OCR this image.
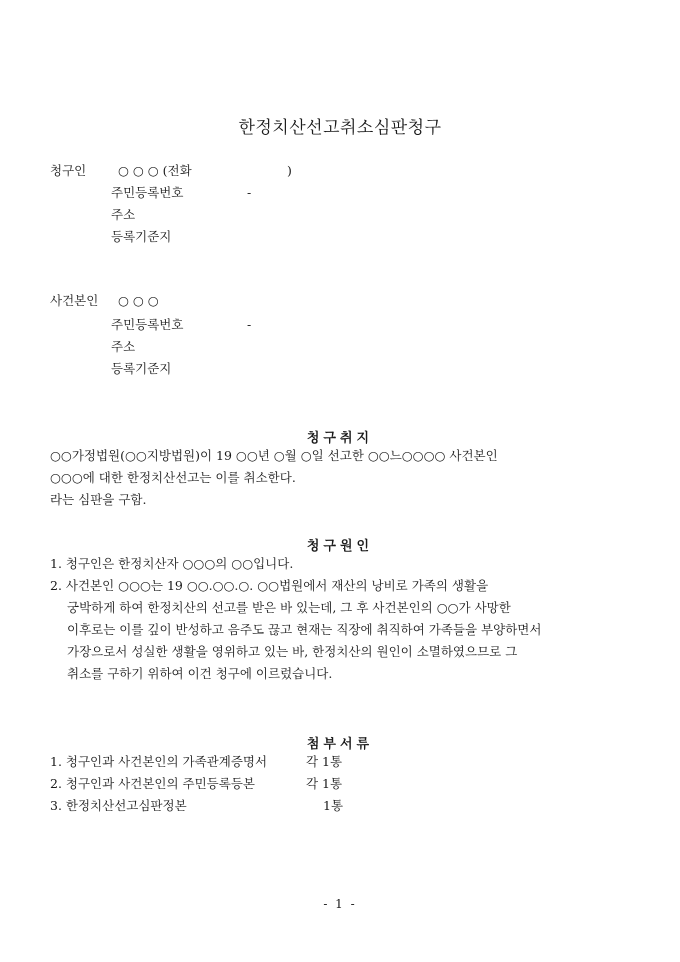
한정치산선고취소심판청구
청구인	○ ○ ○ (전화	)
주민등록번호	-
주소
등록기준지
사건본인 ○ ○ ○
주민등록번호	-
주소
등록기준지
청구취지
○○가정법원(○○지방법원)이 19 ○○년 ○월 ○일 선고한 ○○느○○○○ 사건본인
○○○에 대한 한정치산선고는 이를 취소한다.
라는 심판을 구함.
청구원인
1. 청구인은 한정치산자 ○○○의 ○○입니다.
2. 사건본인 ○○○는 19 ○○.○○.○. ○○법원에서 재산의 낭비로 가족의 생활을
궁박하게 하여 한정치산의 선고를 받은 바 있는데, 그 후 사건본인의 ○○가 사망한
이후로는 이를 깊이 반성하고 음주도 끊고 현재는 직장에 취직하여 가족들을 부양하면서
가장으로서 성실한 생활을 영위하고 있는 바, 한정치산의 원인이 소멸하였으므로 그
취소를 구하기 위하여 이건 청구에 이르렀습니다.
첨부서류
1. 청구인과 사건본인의 가족관계증명서	각 1통
2. 청구인과 사건본인의 주민등록등본	각 1통
3. 한정치산선고심판정본	1통
- 1 -
